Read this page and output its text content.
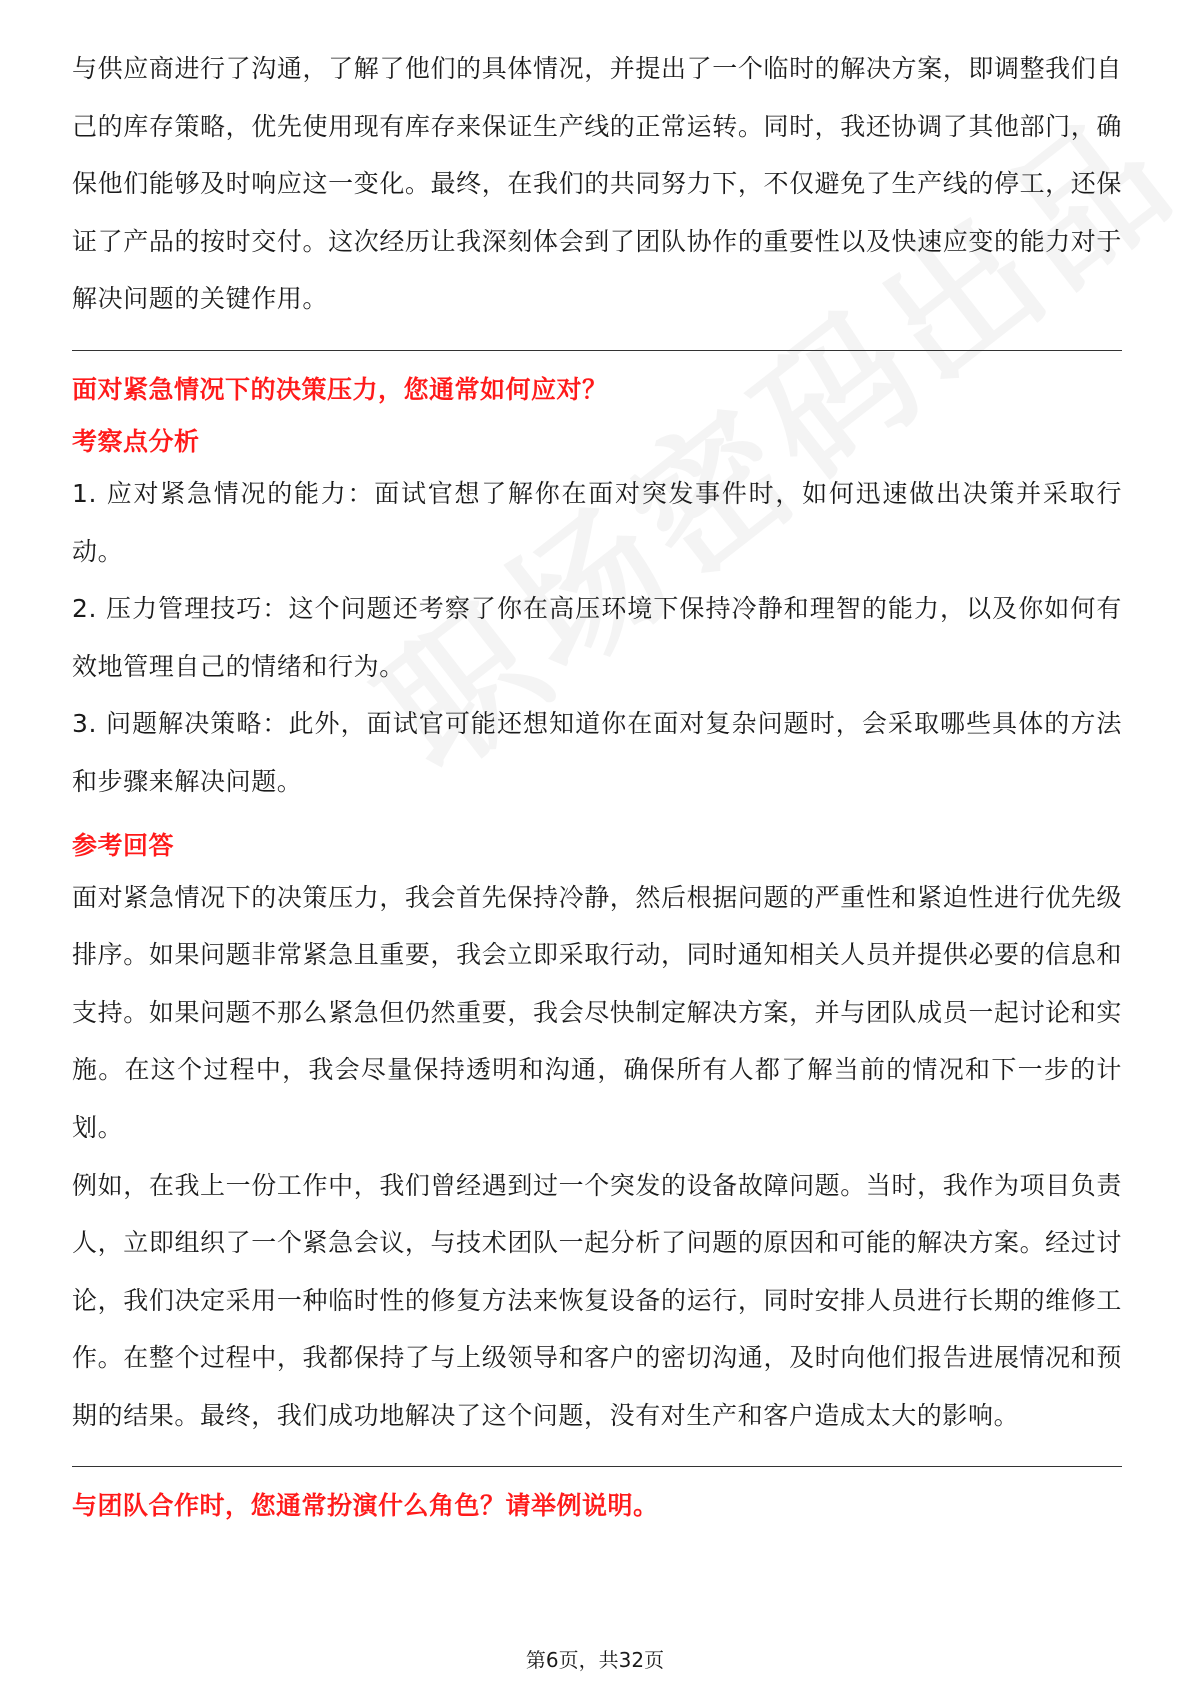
与供应商进行了沟通，了解了他们的具体情况，并提出了一个临时的解决方案，即调整我们自己的库存策略，优先使用现有库存来保证生产线的正常运转。同时，我还协调了其他部门，确保他们能够及时响应这一变化。最终，在我们的共同努力下，不仅避免了生产线的停工，还保证了产品的按时交付。这次经历让我深刻体会到了团队协作的重要性以及快速应变的能力对于解决问题的关键作用。

面对紧急情况下的决策压力，您通常如何应对？

考察点分析

1. 应对紧急情况的能力：面试官想了解你在面对突发事件时，如何迅速做出决策并采取行动。

2. 压力管理技巧：这个问题还考察了你在高压环境下保持冷静和理智的能力，以及你如何有效地管理自己的情绪和行为。

3. 问题解决策略：此外，面试官可能还想知道你在面对复杂问题时，会采取哪些具体的方法和步骤来解决问题。

参考回答

面对紧急情况下的决策压力，我会首先保持冷静，然后根据问题的严重性和紧迫性进行优先级排序。如果问题非常紧急且重要，我会立即采取行动，同时通知相关人员并提供必要的信息和支持。如果问题不那么紧急但仍然重要，我会尽快制定解决方案，并与团队成员一起讨论和实施。在这个过程中，我会尽量保持透明和沟通，确保所有人都了解当前的情况和下一步的计划。

例如，在我上一份工作中，我们曾经遇到过一个突发的设备故障问题。当时，我作为项目负责人，立即组织了一个紧急会议，与技术团队一起分析了问题的原因和可能的解决方案。经过讨论，我们决定采用一种临时性的修复方法来恢复设备的运行，同时安排人员进行长期的维修工作。在整个过程中，我都保持了与上级领导和客户的密切沟通，及时向他们报告进展情况和预期的结果。最终，我们成功地解决了这个问题，没有对生产和客户造成太大的影响。

与团队合作时，您通常扮演什么角色？请举例说明。

第6页，共32页
